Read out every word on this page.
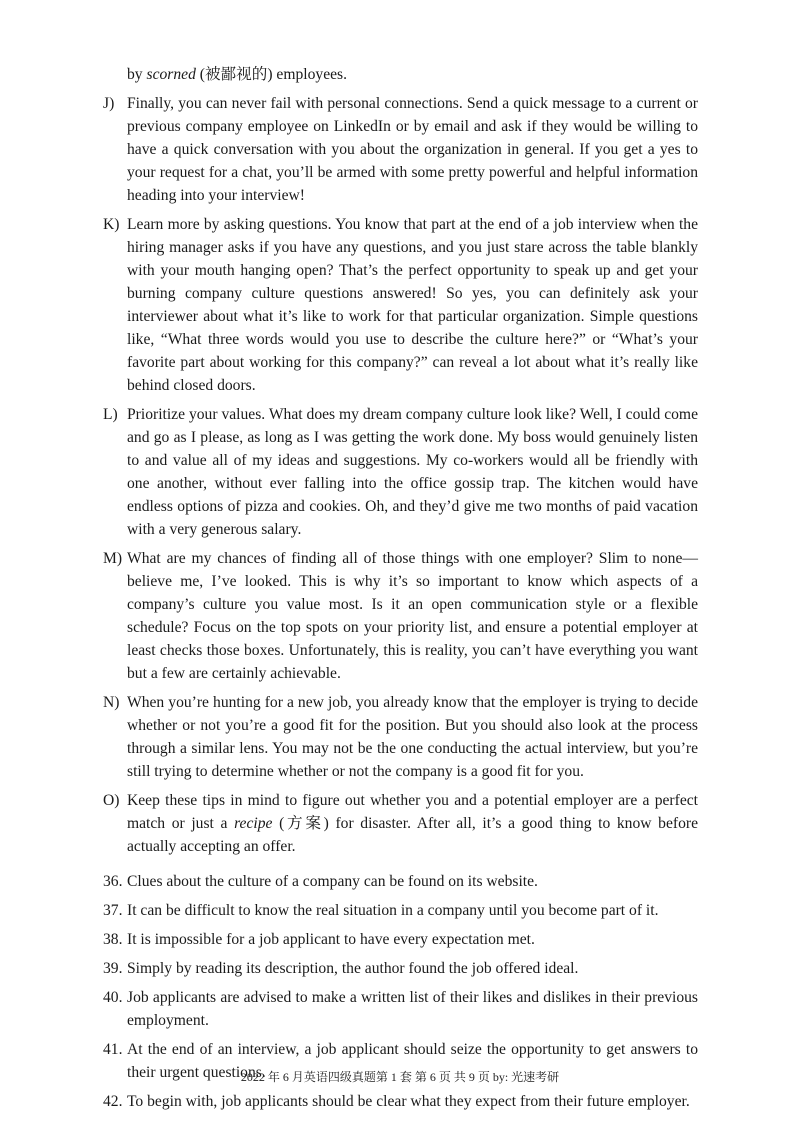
by scorned (被鄙视的) employees.
J) Finally, you can never fail with personal connections. Send a quick message to a current or previous company employee on LinkedIn or by email and ask if they would be willing to have a quick conversation with you about the organization in general. If you get a yes to your request for a chat, you’ll be armed with some pretty powerful and helpful information heading into your interview!
K) Learn more by asking questions. You know that part at the end of a job interview when the hiring manager asks if you have any questions, and you just stare across the table blankly with your mouth hanging open? That’s the perfect opportunity to speak up and get your burning company culture questions answered! So yes, you can definitely ask your interviewer about what it’s like to work for that particular organization. Simple questions like, “What three words would you use to describe the culture here?” or “What’s your favorite part about working for this company?” can reveal a lot about what it’s really like behind closed doors.
L) Prioritize your values. What does my dream company culture look like? Well, I could come and go as I please, as long as I was getting the work done. My boss would genuinely listen to and value all of my ideas and suggestions. My co-workers would all be friendly with one another, without ever falling into the office gossip trap. The kitchen would have endless options of pizza and cookies. Oh, and they’d give me two months of paid vacation with a very generous salary.
M) What are my chances of finding all of those things with one employer? Slim to none—believe me, I’ve looked. This is why it’s so important to know which aspects of a company’s culture you value most. Is it an open communication style or a flexible schedule? Focus on the top spots on your priority list, and ensure a potential employer at least checks those boxes. Unfortunately, this is reality, you can’t have everything you want but a few are certainly achievable.
N) When you’re hunting for a new job, you already know that the employer is trying to decide whether or not you’re a good fit for the position. But you should also look at the process through a similar lens. You may not be the one conducting the actual interview, but you’re still trying to determine whether or not the company is a good fit for you.
O) Keep these tips in mind to figure out whether you and a potential employer are a perfect match or just a recipe (方案) for disaster. After all, it’s a good thing to know before actually accepting an offer.
36. Clues about the culture of a company can be found on its website.
37. It can be difficult to know the real situation in a company until you become part of it.
38. It is impossible for a job applicant to have every expectation met.
39. Simply by reading its description, the author found the job offered ideal.
40. Job applicants are advised to make a written list of their likes and dislikes in their previous employment.
41. At the end of an interview, a job applicant should seize the opportunity to get answers to their urgent questions.
42. To begin with, job applicants should be clear what they expect from their future employer.
2022 年 6 月英语四级真题第 1 套 第 6 页 共 9 页 by: 光速考研
